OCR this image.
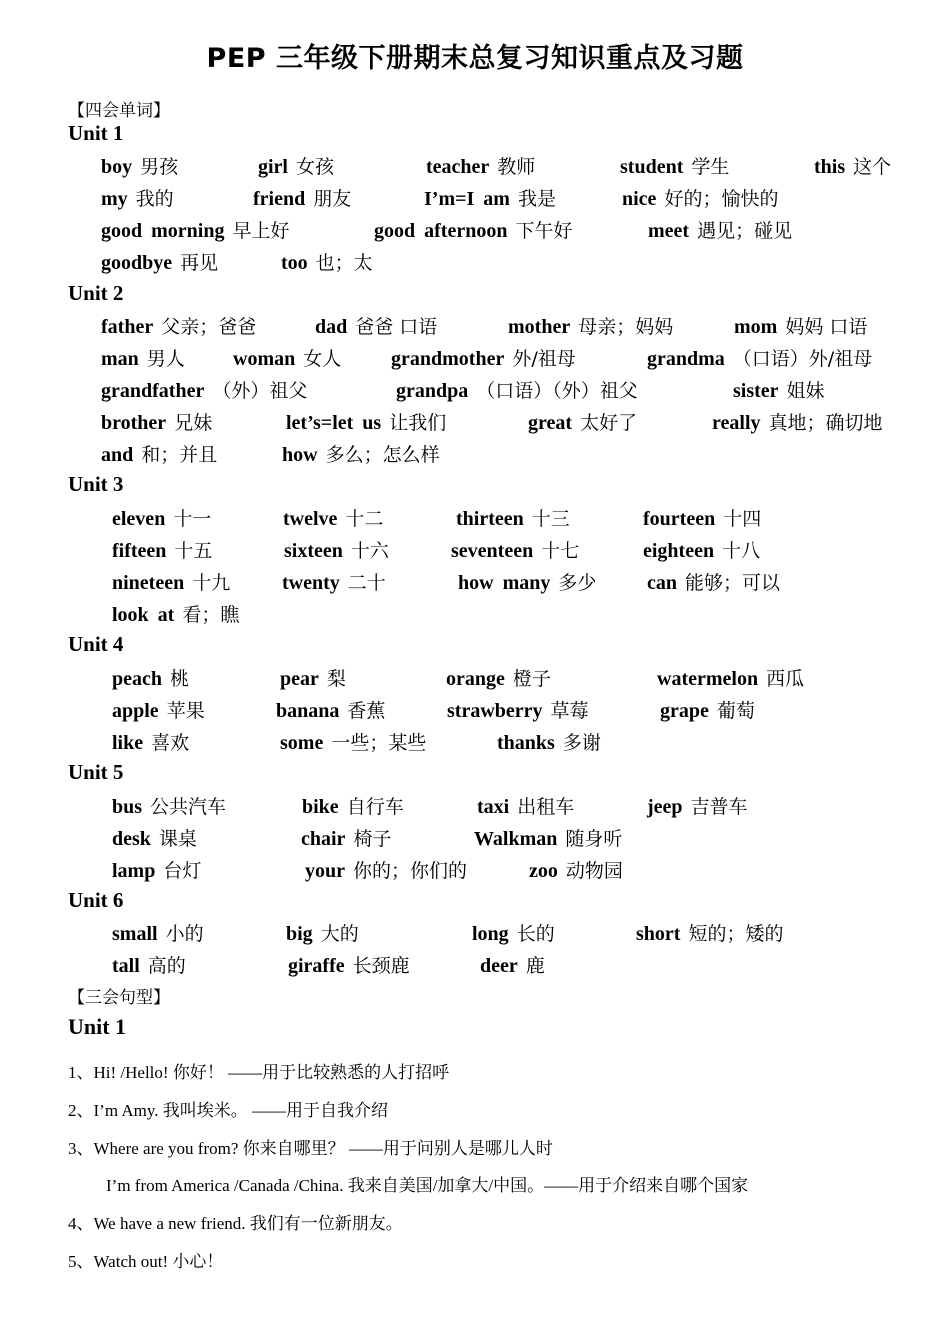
PEP 三年级下册期末总复习知识重点及习题
【四会单词】
Unit 1
boy 男孩	girl 女孩	teacher 教师	student 学生	this 这个
my 我的	friend 朋友	I’m=I am 我是	nice 好的；愉快的
good morning 早上好	good afternoon 下午好	meet 遇见；碰见
goodbye 再见	too 也；太
Unit 2
father 父亲；爸爸	dad 爸爸 口语	mother 母亲；妈妈	mom 妈妈 口语
man 男人 woman 女人 grandmother 外/祖母	grandma （口语）外/祖母
grandfather （外）祖父	grandpa （口语）（外）祖父	sister 姐妹
brother 兄妹	let’s=let us 让我们	great 太好了	really 真地；确切地
and 和；并且	how 多么；怎么样
Unit 3
eleven 十一	twelve 十二	thirteen 十三	fourteen 十四
fifteen 十五	sixteen 十六	seventeen 十七	eighteen 十八
nineteen 十九	twenty 二十	how many 多少	can 能够；可以
look at 看；瞧
Unit 4
peach 桃	pear 梨	orange 橙子	watermelon 西瓜
apple 苹果	banana 香蕉	strawberry 草莓	grape 葡萄
like 喜欢	some 一些；某些	thanks 多谢
Unit 5
bus 公共汽车	bike 自行车	taxi 出租车	jeep 吉普车
desk 课桌	chair 椅子	Walkman 随身听
lamp 台灯	your 你的；你们的	zoo 动物园
Unit 6
small 小的	big 大的	long 长的	short 短的；矮的
tall 高的	giraffe 长颈鹿	deer 鹿
【三会句型】
Unit 1
1、Hi! /Hello! 你好！ ——用于比较熟悉的人打招呼
2、I’m Amy. 我叫埃米。 ——用于自我介绍
3、Where are you from? 你来自哪里？ ——用于问别人是哪儿人时
I’m from America /Canada /China. 我来自美国/加拿大/中国。——用于介绍来自哪个国家
4、We have a new friend. 我们有一位新朋友。
5、Watch out! 小心！
